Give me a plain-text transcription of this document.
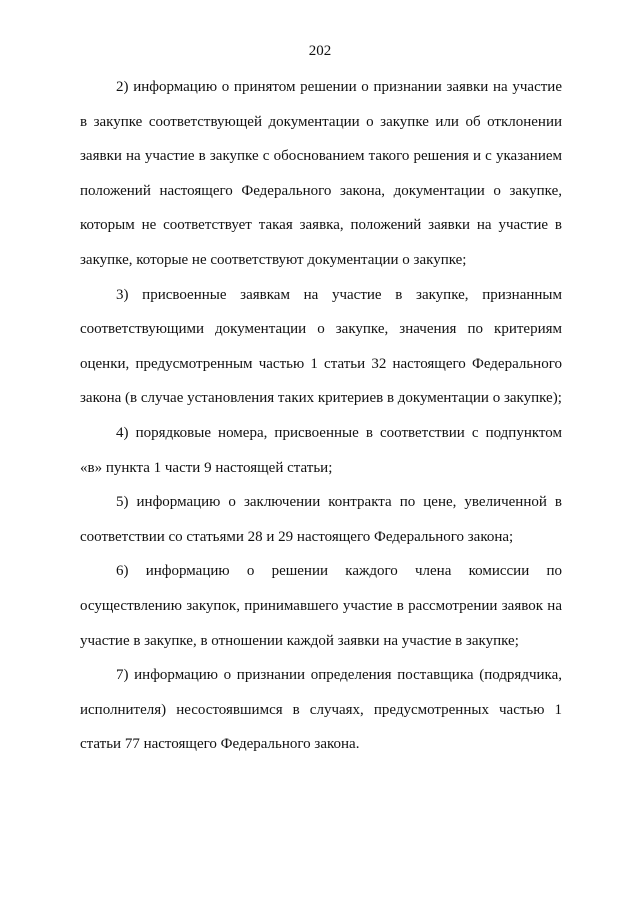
202

2) информацию о принятом решении о признании заявки на участие в закупке соответствующей документации о закупке или об отклонении заявки на участие в закупке с обоснованием такого решения и с указанием положений настоящего Федерального закона, документации о закупке, которым не соответствует такая заявка, положений заявки на участие в закупке, которые не соответствуют документации о закупке;

3) присвоенные заявкам на участие в закупке, признанным соответствующими документации о закупке, значения по критериям оценки, предусмотренным частью 1 статьи 32 настоящего Федерального закона (в случае установления таких критериев в документации о закупке);

4) порядковые номера, присвоенные в соответствии с подпунктом «в» пункта 1 части 9 настоящей статьи;

5) информацию о заключении контракта по цене, увеличенной в соответствии со статьями 28 и 29 настоящего Федерального закона;

6) информацию о решении каждого члена комиссии по осуществлению закупок, принимавшего участие в рассмотрении заявок на участие в закупке, в отношении каждой заявки на участие в закупке;

7) информацию о признании определения поставщика (подрядчика, исполнителя) несостоявшимся в случаях, предусмотренных частью 1 статьи 77 настоящего Федерального закона.
